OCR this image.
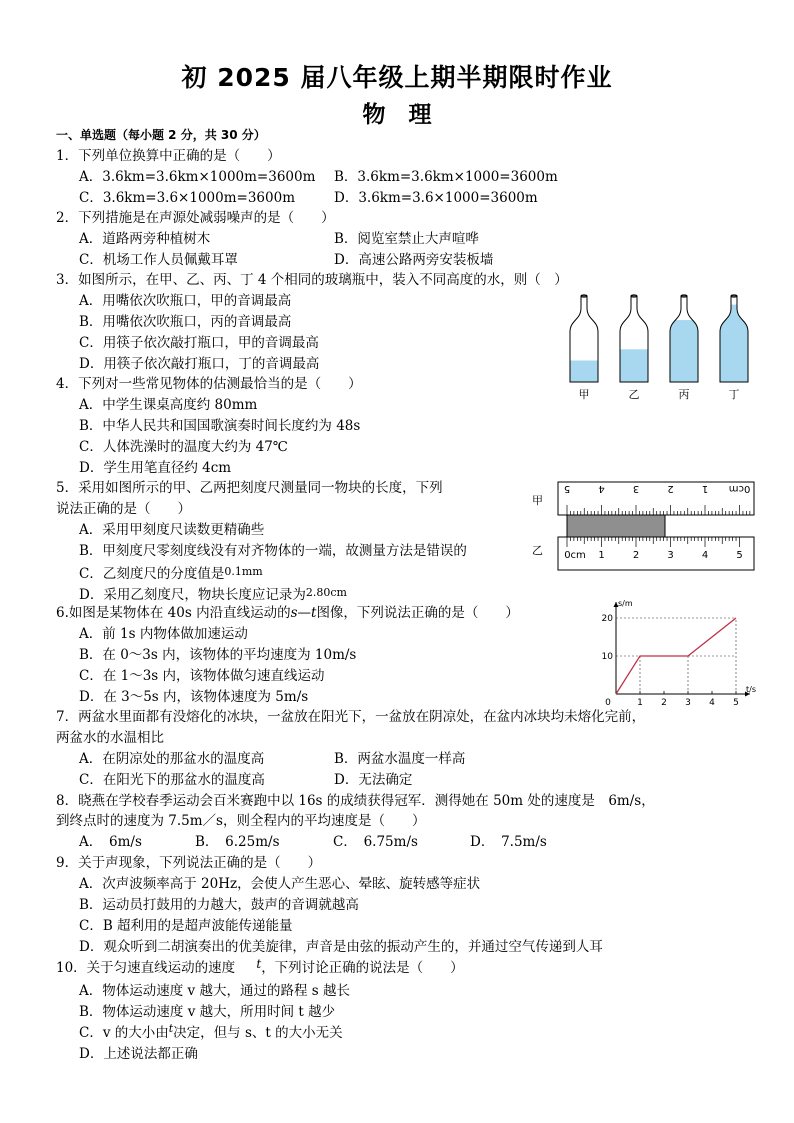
初 2025 届八年级上期半期限时作业
物　理
一、单选题（每小题 2 分，共 30 分）
1．下列单位换算中正确的是（　　）
A．3.6km=3.6km×1000m=3600m B．3.6km=3.6km×1000=3600m
C．3.6km=3.6×1000m=3600m	D．3.6km=3.6×1000=3600m
2．下列措施是在声源处减弱噪声的是（　　）
A．道路两旁种植树木	B．阅览室禁止大声喧哗
C．机场工作人员佩戴耳罩	D．高速公路两旁安装板墙
3．如图所示，在甲、乙、丙、丁 4 个相同的玻璃瓶中，装入不同高度的水，则（　）
A．用嘴依次吹瓶口，甲的音调最高
B．用嘴依次吹瓶口，丙的音调最高
C．用筷子依次敲打瓶口，甲的音调最高
D．用筷子依次敲打瓶口，丁的音调最高
甲	乙	丙	丁
4．下列对一些常见物体的估测最恰当的是（　　）
A．中学生课桌高度约 80mm
B．中华人民共和国国歌演奏时间长度约为 48s
C．人体洗澡时的温度大约为 47℃
D．学生用笔直径约 4cm
5．采用如图所示的甲、乙两把刻度尺测量同一物块的长度，下列
说法正确的是（　　）
A．采用甲刻度尺读数更精确些
B．甲刻度尺零刻度线没有对齐物体的一端，故测量方法是错误的
C．乙刻度尺的分度值是$^{0.1mm}$
D．采用乙刻度尺，物块长度应记录为$^{2.80cm}$
甲
乙
5	4	3	2	1 0cm
0cm 1	2	3	4	5
6.如图是某物体在 40s 内沿直线运动的s—t图像，下列说法正确的是（　　）
A．前 1s 内物体做加速运动
B．在 0～3s 内，该物体的平均速度为 10m/s
C．在 1～3s 内，该物体做匀速直线运动
D．在 3～5s 内，该物体速度为 5m/s
s/m
t/s
0	1 2 3 4 5
10
20
7．两盆水里面都有没熔化的冰块，一盆放在阳光下，一盆放在阴凉处，在盆内冰块均未熔化完前，
两盆水的水温相比
A．在阴凉处的那盆水的温度高	B．两盆水温度一样高
C．在阳光下的那盆水的温度高	D．无法确定
8．晓燕在学校春季运动会百米赛跑中以 16s 的成绩获得冠军．测得她在 50m 处的速度是　6m/s，
到终点时的速度为 7.5m／s，则全程内的平均速度是（　　）
A．　6m/s	B．　6.25m/s	C．　6.75m/s	D．　7.5m/s
9．关于声现象，下列说法正确的是（　　）
A．次声波频率高于 20Hz，会使人产生恶心、晕眩、旋转感等症状
B．运动员打鼓用的力越大，鼓声的音调就越高
C．B 超利用的是超声波能传递能量
D．观众听到二胡演奏出的优美旋律，声音是由弦的振动产生的，并通过空气传递到人耳
10．关于匀速直线运动的速度 t，下列讨论正确的说法是（　　）
A．物体运动速度 v 越大，通过的路程 s 越长
B．物体运动速度 v 越大，所用时间 t 越少
C．v 的大小由$^t$决定，但与 s、t 的大小无关
D．上述说法都正确
